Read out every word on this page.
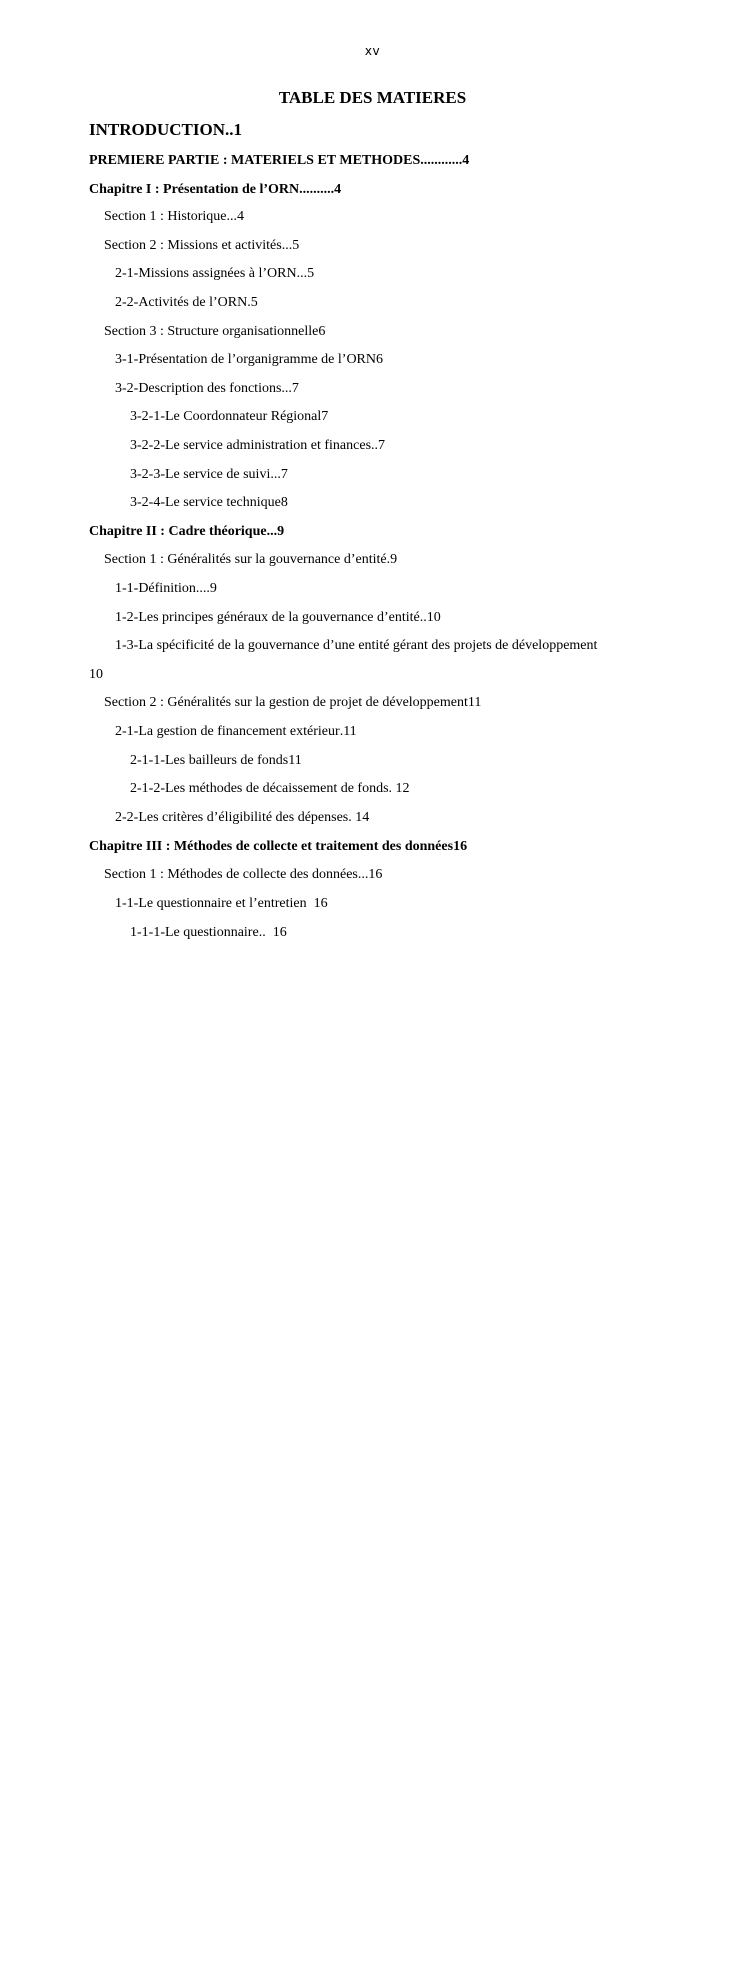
xv
TABLE DES MATIERES
INTRODUCTION ..1
PREMIERE PARTIE : MATERIELS ET METHODES ............4
Chapitre I : Présentation de l’ORN ..........4
Section 1 : Historique ...4
Section 2 : Missions et activités ...5
2-1-Missions assignées à l’ORN ...5
2-2-Activités de l’ORN .5
Section 3 : Structure organisationnelle 6
3-1-Présentation de l’organigramme de l’ORN 6
3-2-Description des fonctions ...7
3-2-1-Le Coordonnateur Régional 7
3-2-2-Le service administration et finances ..7
3-2-3-Le service de suivi ...7
3-2-4-Le service technique 8
Chapitre II : Cadre théorique ...9
Section 1 : Généralités sur la gouvernance d’entité .9
1-1-Définition ....9
1-2-Les principes généraux de la gouvernance d’entité ..10
1-3-La spécificité de la gouvernance d’une entité gérant des projets de développement
10
Section 2 : Généralités sur la gestion de projet de développement 11
2-1-La gestion de financement extérieur .11
2-1-1-Les bailleurs de fonds 11
2-1-2-Les méthodes de décaissement de fonds . 12
2-2-Les critères d’éligibilité des dépenses . 14
Chapitre III : Méthodes de collecte et traitement des données 16
Section 1 : Méthodes de collecte des données ...16
1-1-Le questionnaire et l’entretien 16
1-1-1-Le questionnaire ..  16
